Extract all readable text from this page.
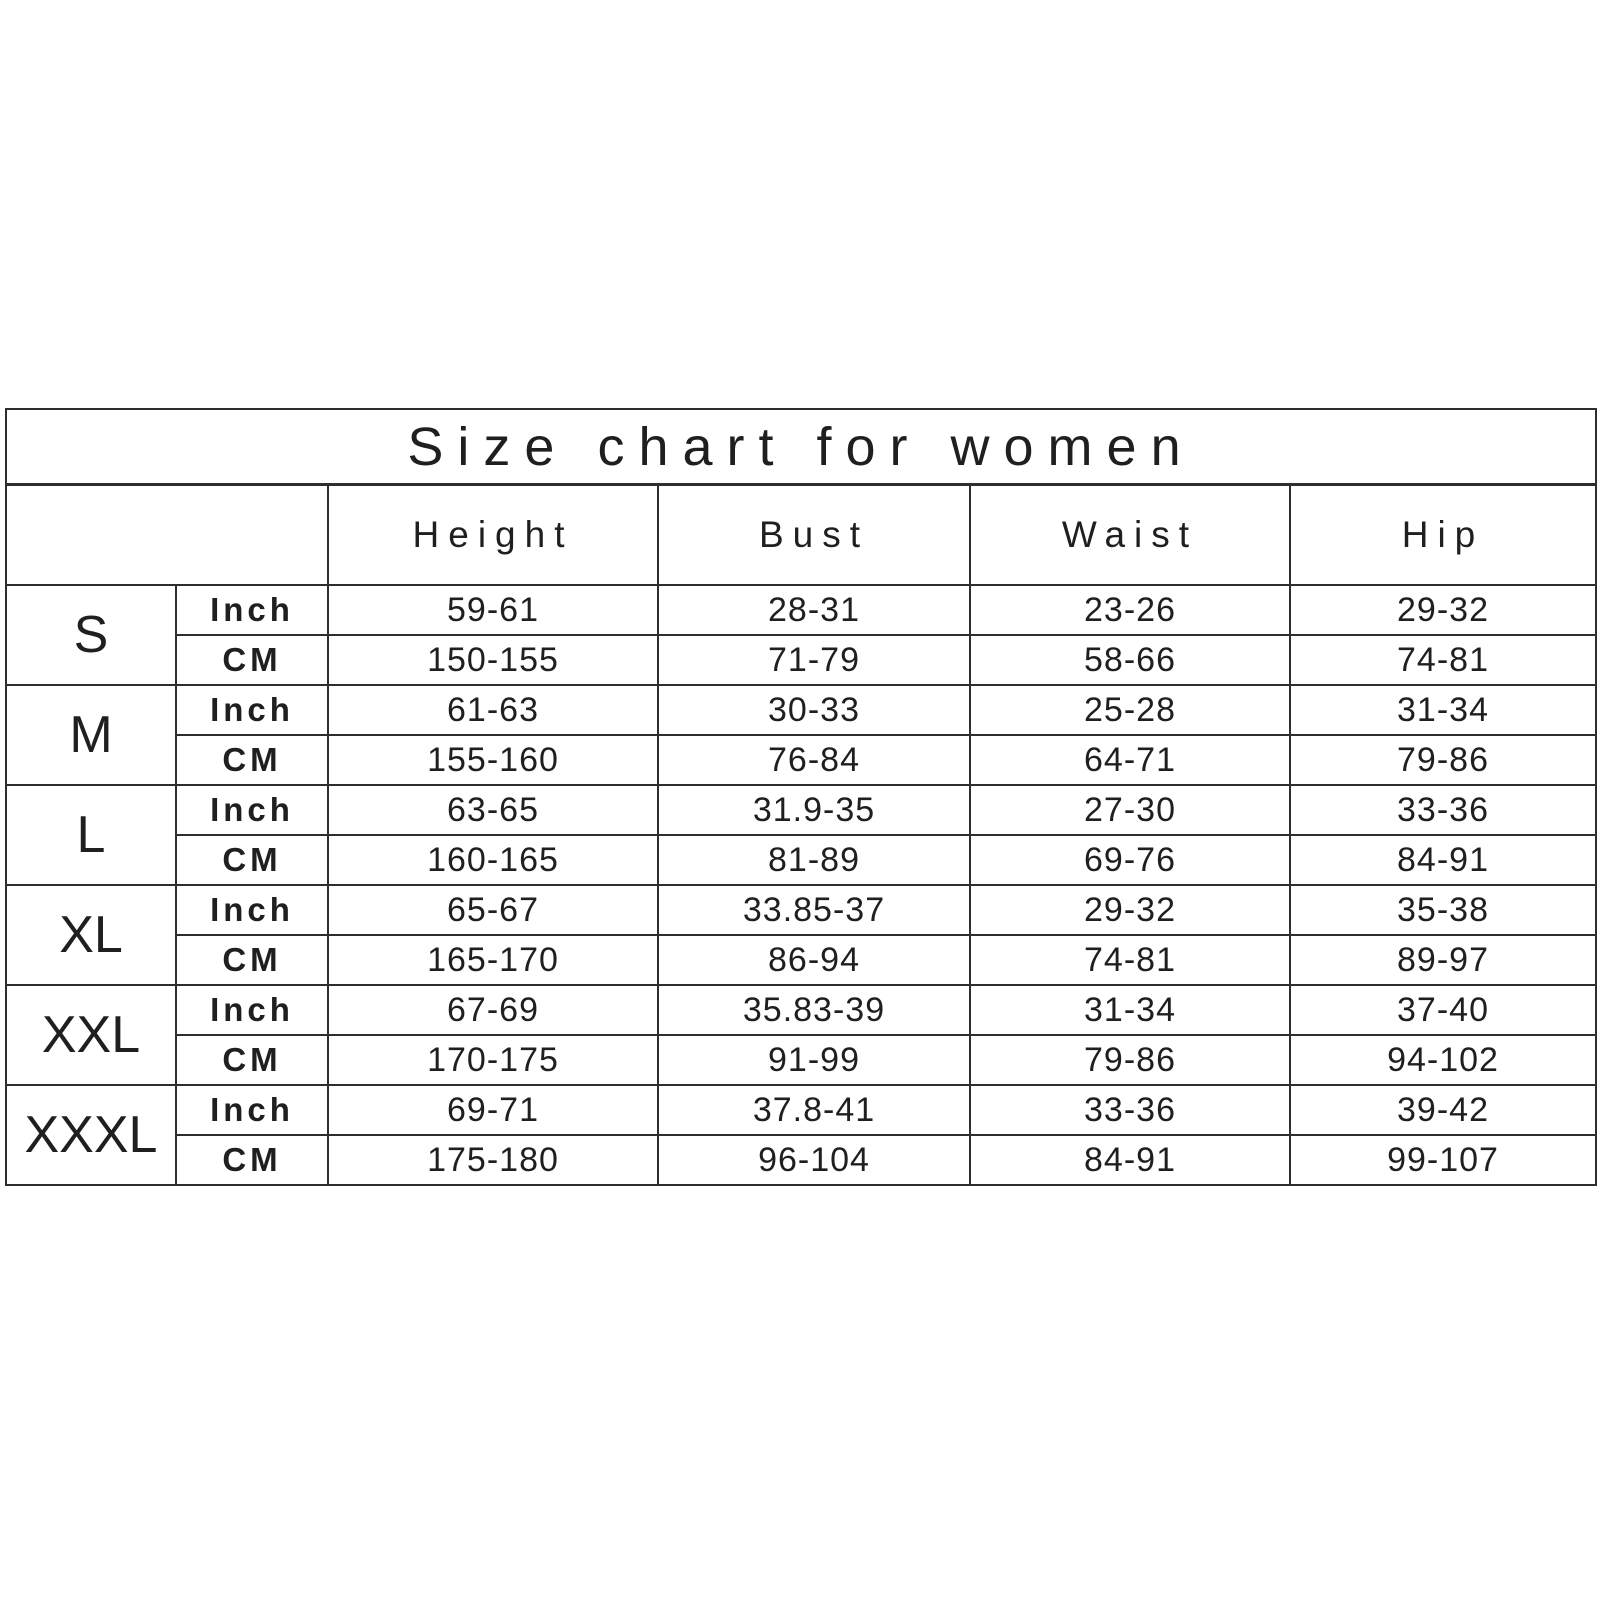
Size chart for women					
		Height	Bust	Waist	Hip
S	Inch	59-61	28-31	23-26	29-32
	CM	150-155	71-79	58-66	74-81
M	Inch	61-63	30-33	25-28	31-34
	CM	155-160	76-84	64-71	79-86
L	Inch	63-65	31.9-35	27-30	33-36
	CM	160-165	81-89	69-76	84-91
XL	Inch	65-67	33.85-37	29-32	35-38
	CM	165-170	86-94	74-81	89-97
XXL	Inch	67-69	35.83-39	31-34	37-40
	CM	170-175	91-99	79-86	94-102
XXXL	Inch	69-71	37.8-41	33-36	39-42
	CM	175-180	96-104	84-91	99-107
